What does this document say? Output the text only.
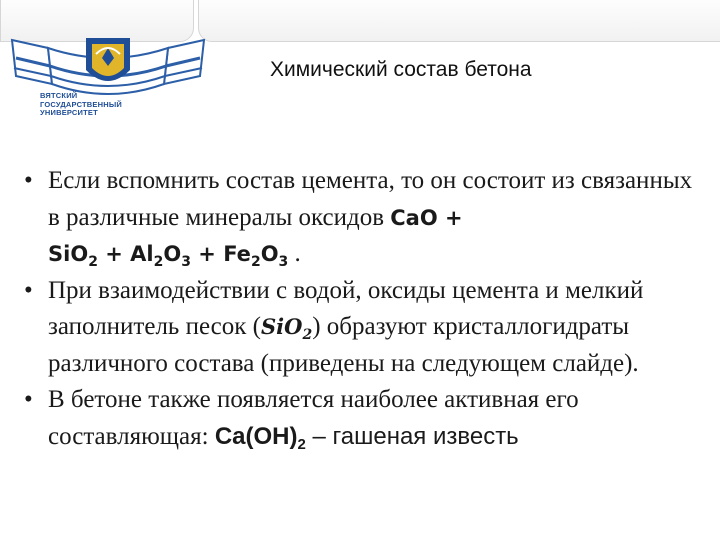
ВЯТСКИЙ
ГОСУДАРСТВЕННЫЙ
УНИВЕРСИТЕТ
Химический состав бетона
• Если вспомнить состав цемента, то он состоит из связанных в различные минералы оксидов CaO +
$SiO_2 + Al_2O_3 + Fe_2O_3$ .
• При взаимодействии с водой, оксиды цемента и мелкий заполнитель песок (SiO$_2$) образуют кристаллогидраты различного состава (приведены на следующем слайде).
• В бетоне также появляется наиболее активная его составляющая: $Ca(OH)_2$ – гашеная известь
